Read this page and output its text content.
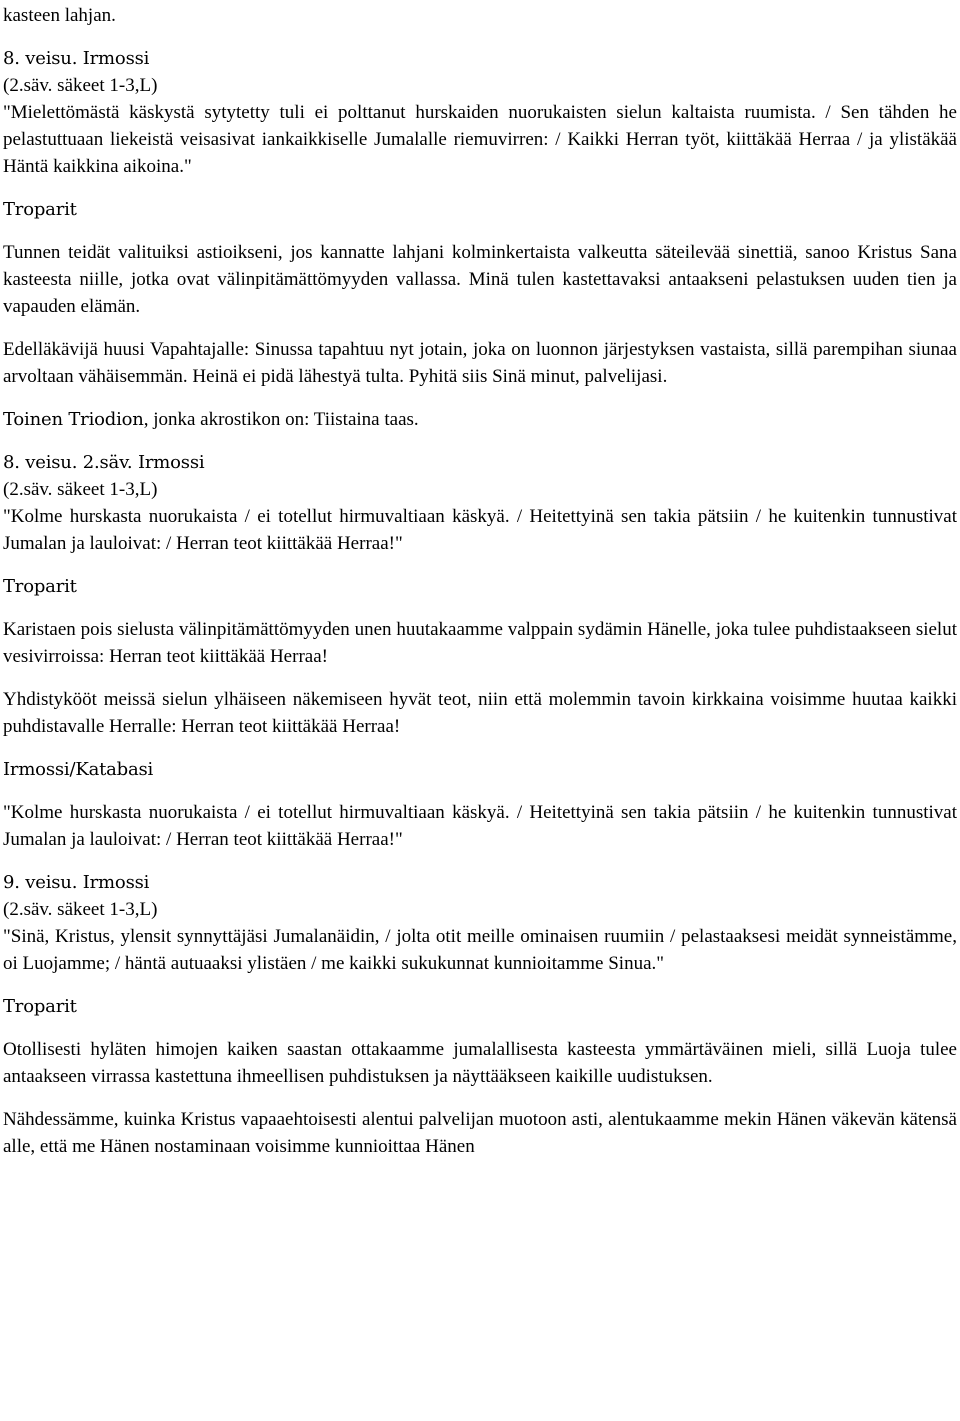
kasteen lahjan.
8. veisu. Irmossi
(2.säv. säkeet 1-3,L)
"Mielettömästä käskystä sytytetty tuli ei polttanut hurskaiden nuorukaisten sielun kaltaista ruumista. / Sen tähden he pelastuttuaan liekeistä veisasivat iankaikkiselle Jumalalle riemuvirren: / Kaikki Herran työt, kiittäkää Herraa / ja ylistäkää Häntä kaikkina aikoina."
Troparit
Tunnen teidät valituiksi astioikseni, jos kannatte lahjani kolminkertaista valkeutta säteilevää sinettiä, sanoo Kristus Sana kasteesta niille, jotka ovat välinpitämättömyyden vallassa. Minä tulen kastettavaksi antaakseni pelastuksen uuden tien ja vapauden elämän.
Edelläkävijä huusi Vapahtajalle: Sinussa tapahtuu nyt jotain, joka on luonnon järjestyksen vastaista, sillä parempihan siunaa arvoltaan vähäisemmän. Heinä ei pidä lähestyä tulta. Pyhitä siis Sinä minut, palvelijasi.
Toinen Triodion, jonka akrostikon on: Tiistaina taas.
8. veisu. 2.säv. Irmossi
(2.säv. säkeet 1-3,L)
"Kolme hurskasta nuorukaista / ei totellut hirmuvaltiaan käskyä. / Heitettyinä sen takia pätsiin / he kuitenkin tunnustivat Jumalan ja lauloivat: / Herran teot kiittäkää Herraa!"
Troparit
Karistaen pois sielusta välinpitämättömyyden unen huutakaamme valppain sydämin Hänelle, joka tulee puhdistaakseen sielut vesivirroissa: Herran teot kiittäkää Herraa!
Yhdistykööt meissä sielun ylhäiseen näkemiseen hyvät teot, niin että molemmin tavoin kirkkaina voisimme huutaa kaikki puhdistavalle Herralle: Herran teot kiittäkää Herraa!
Irmossi/Katabasi
"Kolme hurskasta nuorukaista / ei totellut hirmuvaltiaan käskyä. / Heitettyinä sen takia pätsiin / he kuitenkin tunnustivat Jumalan ja lauloivat: / Herran teot kiittäkää Herraa!"
9. veisu. Irmossi
(2.säv. säkeet 1-3,L)
"Sinä, Kristus, ylensit synnyttäjäsi Jumalanäidin, / jolta otit meille ominaisen ruumiin / pelastaaksesi meidät synneistämme, oi Luojamme; / häntä autuaaksi ylistäen / me kaikki sukukunnat kunnioitamme Sinua."
Troparit
Otollisesti hyläten himojen kaiken saastan ottakaamme jumalallisesta kasteesta ymmärtäväinen mieli, sillä Luoja tulee antaakseen virrassa kastettuna ihmeellisen puhdistuksen ja näyttääkseen kaikille uudistuksen.
Nähdessämme, kuinka Kristus vapaaehtoisesti alentui palvelijan muotoon asti, alentukaamme mekin Hänen väkevän kätensä alle, että me Hänen nostaminaan voisimme kunnioittaa Hänen
